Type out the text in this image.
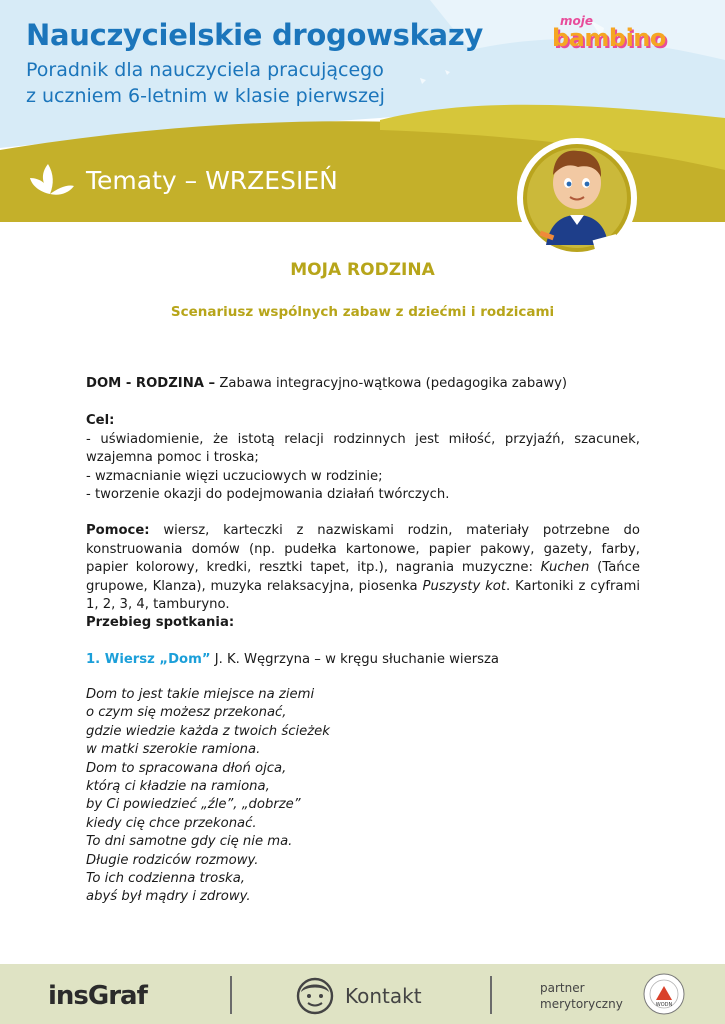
Nauczycielskie drogowskazy
Poradnik dla nauczyciela pracującego
z uczniem 6-letnim w klasie pierwszej
moje
bambino
Tematy – WRZESIEŃ
MOJA RODZINA
Scenariusz wspólnych zabaw z dziećmi i rodzicami

DOM - RODZINA – Zabawa integracyjno-wątkowa (pedagogika zabawy)

Cel:

- uświadomienie, że istotą relacji rodzinnych jest miłość, przyjaźń, szacunek, wzajemna pomoc i troska;

- wzmacnianie więzi uczuciowych w rodzinie;

- tworzenie okazji do podejmowania działań twórczych.

Pomoce: wiersz, karteczki z nazwiskami rodzin, materiały potrzebne do konstruowania domów (np. pudełka kartonowe, papier pakowy, gazety, farby, papier kolorowy, kredki, resztki tapet, itp.), nagrania muzyczne: Kuchen (Tańce grupowe, Klanza), muzyka relaksacyjna, piosenka Puszysty kot. Kartoniki z cyframi 1, 2, 3, 4, tamburyno.

Przebieg spotkania:

1. Wiersz „Dom” J. K. Węgrzyna – w kręgu słuchanie wiersza

Dom to jest takie miejsce na ziemi

o czym się możesz przekonać,

gdzie wiedzie każda z twoich ścieżek

w matki szerokie ramiona.

Dom to spracowana dłoń ojca,

którą ci kładzie na ramiona,

by Ci powiedzieć „źle”, „dobrze”

kiedy cię chce przekonać.

To dni samotne gdy cię nie ma.

Długie rodziców rozmowy.

To ich codzienna troska,

abyś był mądry i zdrowy.

insGraf	Kontakt	partner
merytoryczny	WODN
